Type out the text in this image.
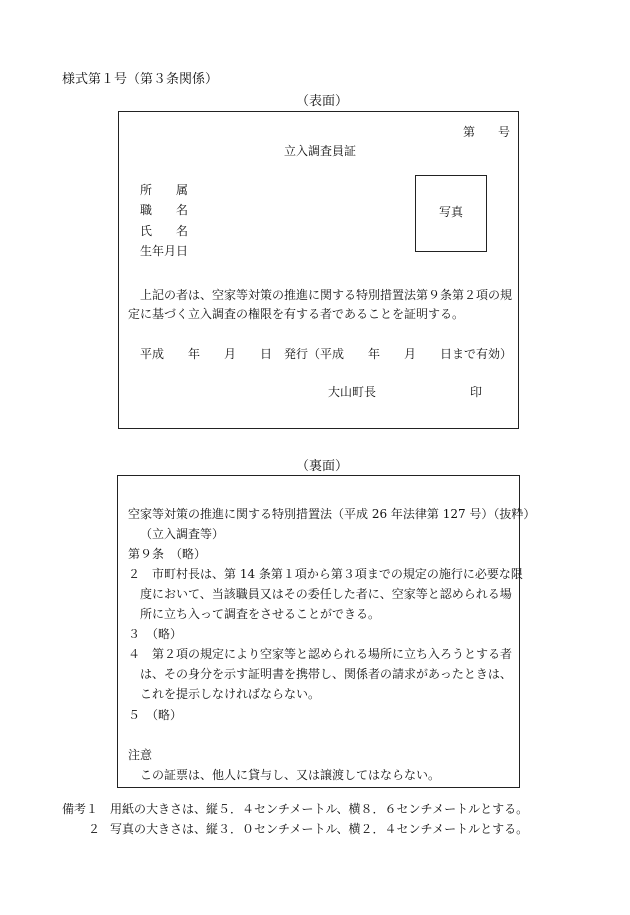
様式第１号（第３条関係）
（表面）
第 号
立入調査員証
所　　属
職　　名
氏　　名
生年月日
写真
上記の者は、空家等対策の推進に関する特別措置法第９条第２項の規
定に基づく立入調査の権限を有する者であることを証明する。
平成　　年　　月　　日　発行（平成　　年　　月　　日まで有効）
大山町長	印
（裏面）
空家等対策の推進に関する特別措置法（平成 26 年法律第 127 号）（抜粋）
（立入調査等）
第９条　（略）
２　市町村長は、第 14 条第１項から第３項までの規定の施行に必要な限
度において、当該職員又はその委任した者に、空家等と認められる場
所に立ち入って調査をさせることができる。
３　（略）
４　第２項の規定により空家等と認められる場所に立ち入ろうとする者
は、その身分を示す証明書を携帯し、関係者の請求があったときは、
これを提示しなければならない。
５　（略）
注意
この証票は、他人に貸与し、又は譲渡してはならない。
備考１ 用紙の大きさは、縦５．４センチメートル、横８．６センチメートルとする。
２ 写真の大きさは、縦３．０センチメートル、横２．４センチメートルとする。
